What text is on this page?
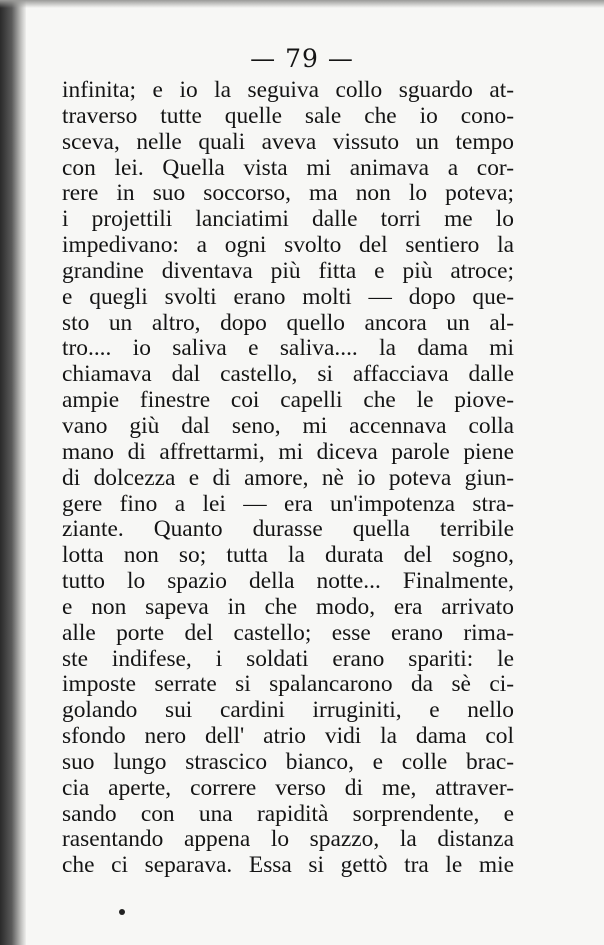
— 79 —
infinita; e io la seguiva collo sguardo at-
traverso tutte quelle sale che io cono-
sceva, nelle quali aveva vissuto un tempo
con lei. Quella vista mi animava a cor-
rere in suo soccorso, ma non lo poteva;
i projettili lanciatimi dalle torri me lo
impedivano: a ogni svolto del sentiero la
grandine diventava più fitta e più atroce;
e quegli svolti erano molti — dopo que-
sto un altro, dopo quello ancora un al-
tro.... io saliva e saliva.... la dama mi
chiamava dal castello, si affacciava dalle
ampie finestre coi capelli che le piove-
vano giù dal seno, mi accennava colla
mano di affrettarmi, mi diceva parole piene
di dolcezza e di amore, nè io poteva giun-
gere fino a lei — era un'impotenza stra-
ziante. Quanto durasse quella terribile
lotta non so; tutta la durata del sogno,
tutto lo spazio della notte... Finalmente,
e non sapeva in che modo, era arrivato
alle porte del castello; esse erano rima-
ste indifese, i soldati erano spariti: le
imposte serrate si spalancarono da sè ci-
golando sui cardini irruginiti, e nello
sfondo nero dell' atrio vidi la dama col
suo lungo strascico bianco, e colle brac-
cia aperte, correre verso di me, attraver-
sando con una rapidità sorprendente, e
rasentando appena lo spazzo, la distanza
che ci separava. Essa si gettò tra le mie
